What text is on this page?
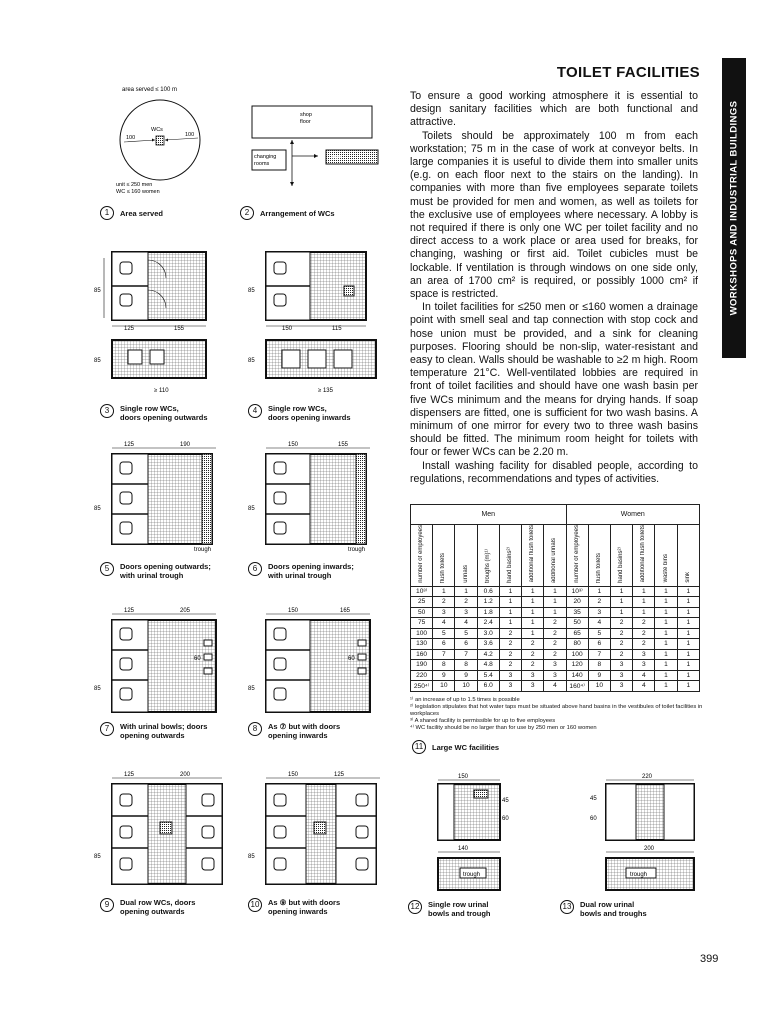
TOILET FACILITIES
WORKSHOPS AND INDUSTRIAL BUILDINGS

To ensure a good working atmosphere it is essential to design sanitary facilities which are both functional and attractive.

Toilets should be approximately 100 m from each workstation; 75 m in the case of work at conveyor belts. In large companies it is useful to divide them into smaller units (e.g. on each floor next to the stairs on the landing). In companies with more than five employees separate toilets must be provided for men and women, as well as toilets for the exclusive use of employees where necessary. A lobby is not required if there is only one WC per toilet facility and no direct access to a work place or area used for breaks, for changing, washing or first aid. Toilet cubicles must be lockable. If ventilation is through windows on one side only, an area of 1700 cm² is required, or possibly 1000 cm² if space is restricted.

In toilet facilities for ≤250 men or ≤160 women a drainage point with smell seal and tap connection with stop cock and hose union must be provided, and a sink for cleaning purposes. Flooring should be non-slip, water-resistant and easy to clean. Walls should be washable to ≥2 m high. Room temperature 21°C. Well-ventilated lobbies are required in front of toilet facilities and should have one wash basin per five WCs minimum and the means for drying hands. If soap dispensers are fitted, one is sufficient for two wash basins. A minimum of one mirror for every two to three wash basins should be fitted. The minimum room height for toilets with four or fewer WCs can be 2.20 m.

Install washing facility for disabled people, according to regulations, recommendations and types of activities.

area served ≤ 100 m
WCs
100	100
unit ≤ 250 men
WC ≤ 160 women
1	Area served
shop
floor
changing
rooms
WC
2	Arrangement of WCs
85
125	155
85
≥ 110
3	Single row WCs,
doors opening outwards
85
150	115
85
≥ 135
4	Single row WCs,
doors opening inwards
125	190
85
trough
5	Doors opening outwards;
with urinal trough
150	155
85
trough
6	Doors opening inwards;
with urinal trough
125	205
60
85
7	With urinal bowls; doors
opening outwards
150	165
60
85
8	As ⑦ but with doors
opening inwards
125	200
85
9	Dual row WCs, doors
opening outwards
150	125
85
10	As ⑨ but with doors
opening inwards
Men							Women					

number of employees	flush toilets	urinals	troughs (m)¹⁾	hand basins²⁾	additional flush toilets	additional urinals	number of employees	flush toilets	hand basins²⁾	additional flush toilets	waste bins	sink

10³⁾	1	1	0.6	1	1	1	10³⁾	1	1	1	1	1
25	2	2	1.2	1	1	1	20	2	1	1	1	1
50	3	3	1.8	1	1	1	35	3	1	1	1	1
75	4	4	2.4	1	1	2	50	4	2	2	1	1
100	5	5	3.0	2	1	2	65	5	2	2	1	1
130	6	6	3.6	2	2	2	80	6	2	2	1	1
160	7	7	4.2	2	2	2	100	7	2	3	1	1
190	8	8	4.8	2	2	3	120	8	3	3	1	1
220	9	9	5.4	3	3	3	140	9	3	4	1	1
250⁴⁾	10	10	6.0	3	3	4	160⁴⁾	10	3	4	1	1
¹⁾ an increase of up to 1.5 times is possible
²⁾ legislation stipulates that hot water taps must be situated above hand basins in the vestibules of toilet facilities in workplaces
³⁾ A shared facility is permissible for up to five employees
⁴⁾ WC facility should be no larger than for use by 250 men or 160 women
11	Large WC facilities
150
45
60
140
trough
12	Single row urinal
bowls and trough
220
45
60
200
trough
13	Dual row urinal
bowls and troughs
399
